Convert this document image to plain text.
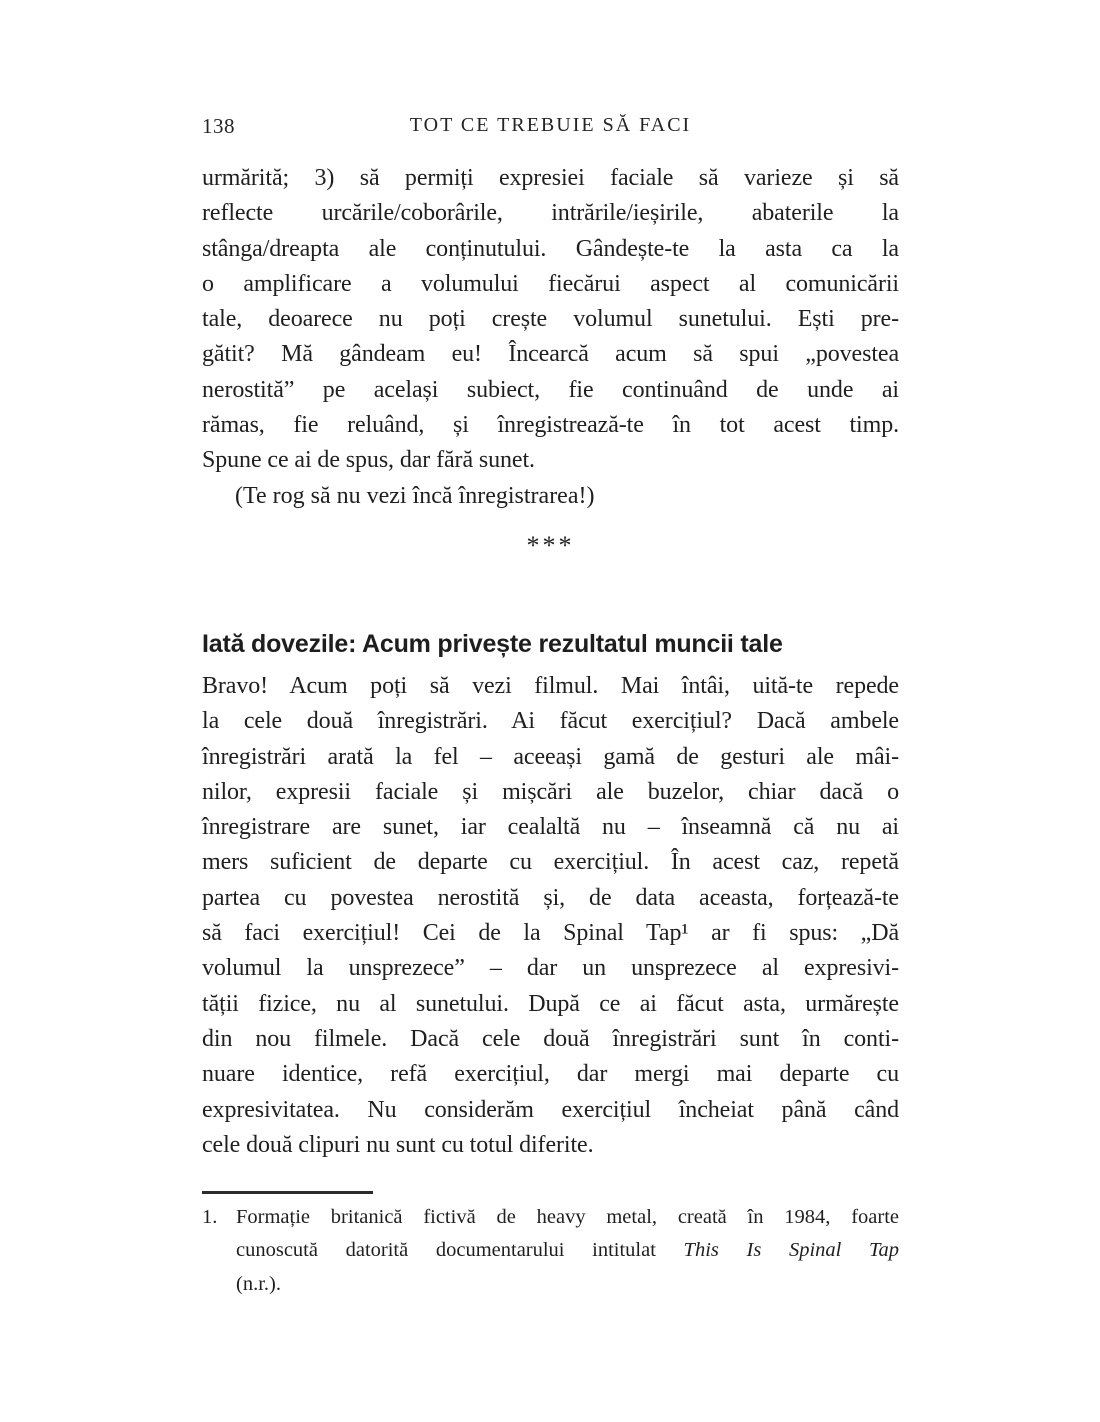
138	TOT CE TREBUIE SĂ FACI
urmărită; 3) să permiți expresiei faciale să varieze și să
reflecte urcările/coborârile, intrările/ieșirile, abaterile la
stânga/dreapta ale conținutului. Gândește-te la asta ca la
o amplificare a volumului fiecărui aspect al comunicării
tale, deoarece nu poți crește volumul sunetului. Ești pre-
gătit? Mă gândeam eu! Încearcă acum să spui „povestea
nerostită” pe același subiect, fie continuând de unde ai
rămas, fie reluând, și înregistrează-te în tot acest timp.
Spune ce ai de spus, dar fără sunet.
(Te rog să nu vezi încă înregistrarea!)
***
Iată dovezile: Acum privește rezultatul muncii tale
Bravo! Acum poți să vezi filmul. Mai întâi, uită-te repede
la cele două înregistrări. Ai făcut exercițiul? Dacă ambele
înregistrări arată la fel – aceeași gamă de gesturi ale mâi-
nilor, expresii faciale și mișcări ale buzelor, chiar dacă o
înregistrare are sunet, iar cealaltă nu – înseamnă că nu ai
mers suficient de departe cu exercițiul. În acest caz, repetă
partea cu povestea nerostită și, de data aceasta, forțează-te
să faci exercițiul! Cei de la Spinal Tap¹ ar fi spus: „Dă
volumul la unsprezece” – dar un unsprezece al expresivi-
tății fizice, nu al sunetului. După ce ai făcut asta, urmărește
din nou filmele. Dacă cele două înregistrări sunt în conti-
nuare identice, refă exercițiul, dar mergi mai departe cu
expresivitatea. Nu considerăm exercițiul încheiat până când
cele două clipuri nu sunt cu totul diferite.
1. Formație britanică fictivă de heavy metal, creată în 1984, foarte
cunoscută datorită documentarului intitulat This Is Spinal Tap
(n.r.).
